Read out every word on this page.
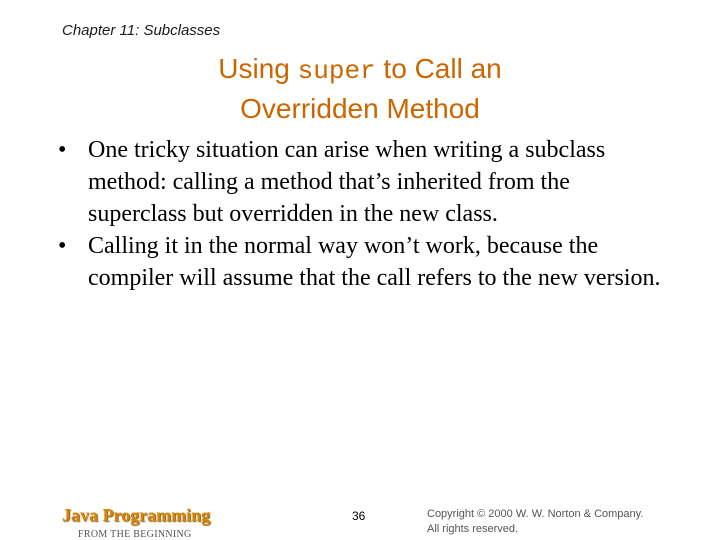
Chapter 11: Subclasses
Using super to Call an
Overridden Method
• One tricky situation can arise when writing a subclass method: calling a method that’s inherited from the superclass but overridden in the new class.
• Calling it in the normal way won’t work, because the compiler will assume that the call refers to the new version.
Java Programming
FROM THE BEGINNING
36	Copyright © 2000 W. W. Norton & Company.
All rights reserved.
